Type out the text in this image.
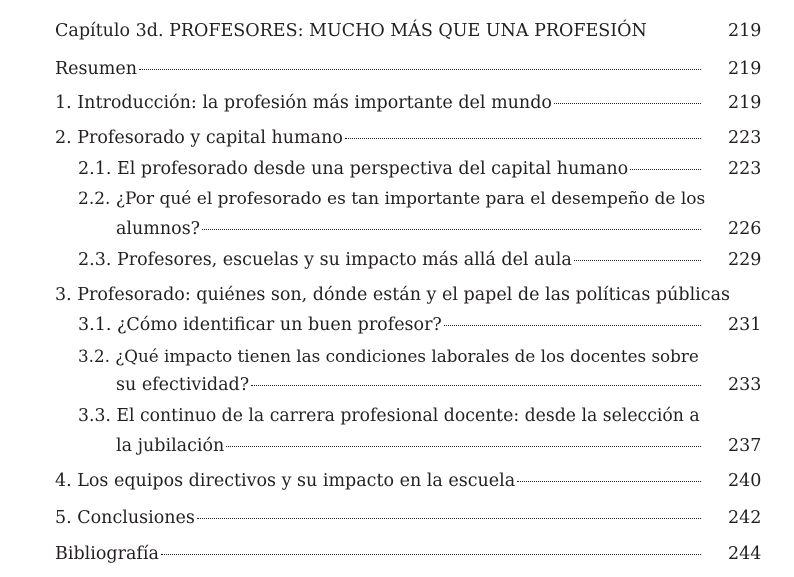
Capítulo 3d. PROFESORES: MUCHO MÁS QUE UNA PROFESIÓN	219
Resumen	219
1. Introducción: la profesión más importante del mundo	219
2. Profesorado y capital humano	223
2.1. El profesorado desde una perspectiva del capital humano	223
2.2. ¿Por qué el profesorado es tan importante para el desempeño de los
alumnos?	226
2.3. Profesores, escuelas y su impacto más allá del aula	229
3. Profesorado: quiénes son, dónde están y el papel de las políticas públicas
3.1. ¿Cómo identificar un buen profesor?	231
3.2. ¿Qué impacto tienen las condiciones laborales de los docentes sobre
su efectividad?	233
3.3. El continuo de la carrera profesional docente: desde la selección a
la jubilación	237
4. Los equipos directivos y su impacto en la escuela	240
5. Conclusiones	242
Bibliografía	244
